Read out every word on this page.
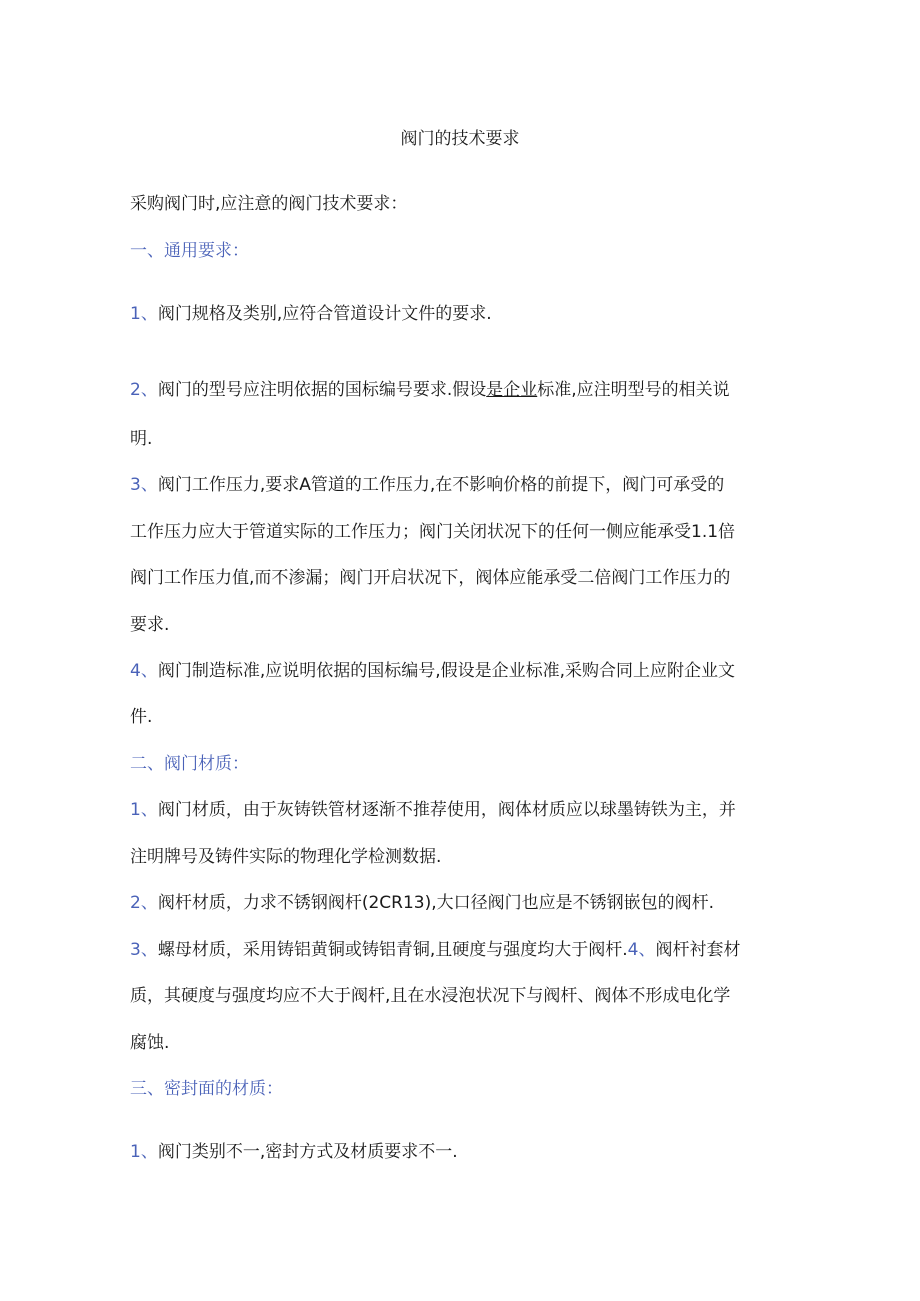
阀门的技术要求
采购阀门时,应注意的阀门技术要求：
一、通用要求：
1、阀门规格及类别,应符合管道设计文件的要求.
2、阀门的型号应注明依据的国标编号要求.假设是企业标准,应注明型号的相关说
明.
3、阀门工作压力,要求A管道的工作压力,在不影响价格的前提下，阀门可承受的
工作压力应大于管道实际的工作压力；阀门关闭状况下的任何一侧应能承受1.1倍
阀门工作压力值,而不渗漏；阀门开启状况下，阀体应能承受二倍阀门工作压力的
要求.
4、阀门制造标准,应说明依据的国标编号,假设是企业标准,采购合同上应附企业文
件.
二、阀门材质：
1、阀门材质，由于灰铸铁管材逐渐不推荐使用，阀体材质应以球墨铸铁为主，并
注明牌号及铸件实际的物理化学检测数据.
2、阀杆材质，力求不锈钢阀杆(2CR13),大口径阀门也应是不锈钢嵌包的阀杆.
3、螺母材质，采用铸铝黄铜或铸铝青铜,且硬度与强度均大于阀杆.4、阀杆衬套材
质，其硬度与强度均应不大于阀杆,且在水浸泡状况下与阀杆、阀体不形成电化学
腐蚀.
三、密封面的材质：
1、阀门类别不一,密封方式及材质要求不一.
